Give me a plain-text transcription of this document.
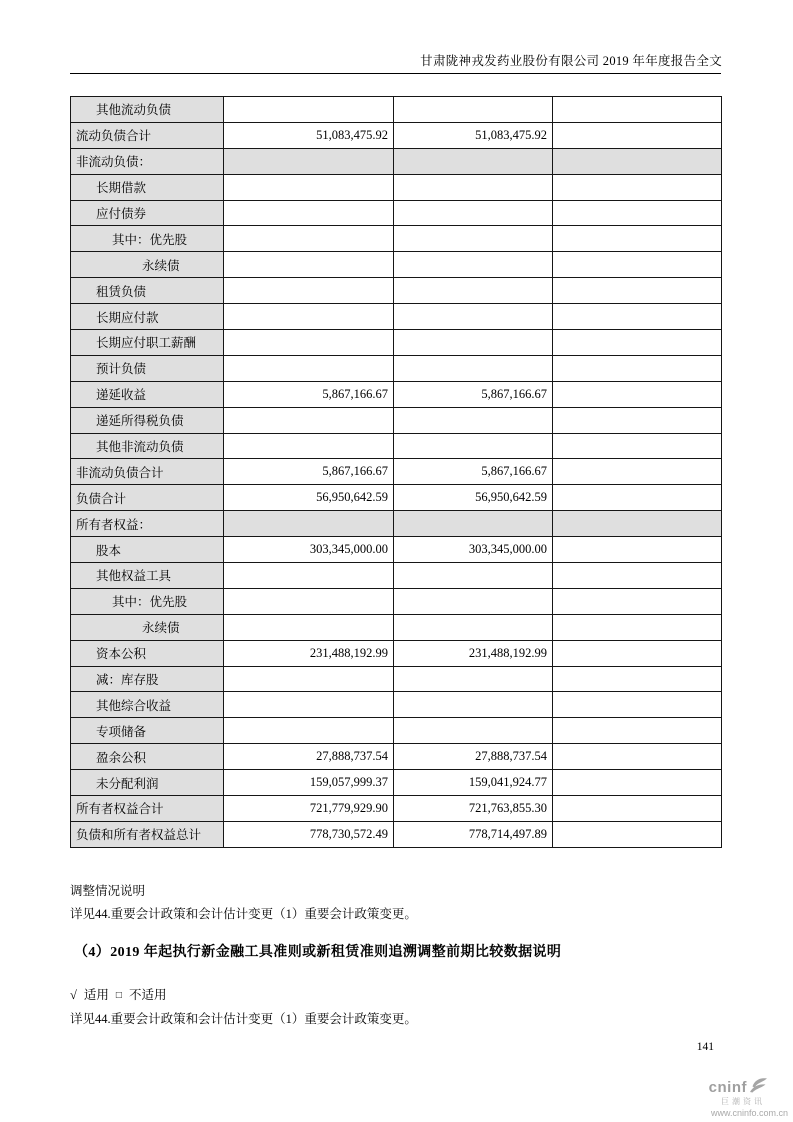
甘肃陇神戎发药业股份有限公司 2019 年年度报告全文
其他流动负债			
流动负债合计	51,083,475.92	51,083,475.92	
非流动负债：			
长期借款			
应付债券			
其中：优先股			
永续债			
租赁负债			
长期应付款			
长期应付职工薪酬			
预计负债			
递延收益	5,867,166.67	5,867,166.67	
递延所得税负债			
其他非流动负债			
非流动负债合计	5,867,166.67	5,867,166.67	
负债合计	56,950,642.59	56,950,642.59	
所有者权益：			
股本	303,345,000.00	303,345,000.00	
其他权益工具			
其中：优先股			
永续债			
资本公积	231,488,192.99	231,488,192.99	
减：库存股			
其他综合收益			
专项储备			
盈余公积	27,888,737.54	27,888,737.54	
未分配利润	159,057,999.37	159,041,924.77	
所有者权益合计	721,779,929.90	721,763,855.30	
负债和所有者权益总计	778,730,572.49	778,714,497.89	
调整情况说明
详见44.重要会计政策和会计估计变更（1）重要会计政策变更。
（4）2019 年起执行新金融工具准则或新租赁准则追溯调整前期比较数据说明
√ 适用 □ 不适用
详见44.重要会计政策和会计估计变更（1）重要会计政策变更。
141
cninf
巨潮资讯
www.cninfo.com.cn
